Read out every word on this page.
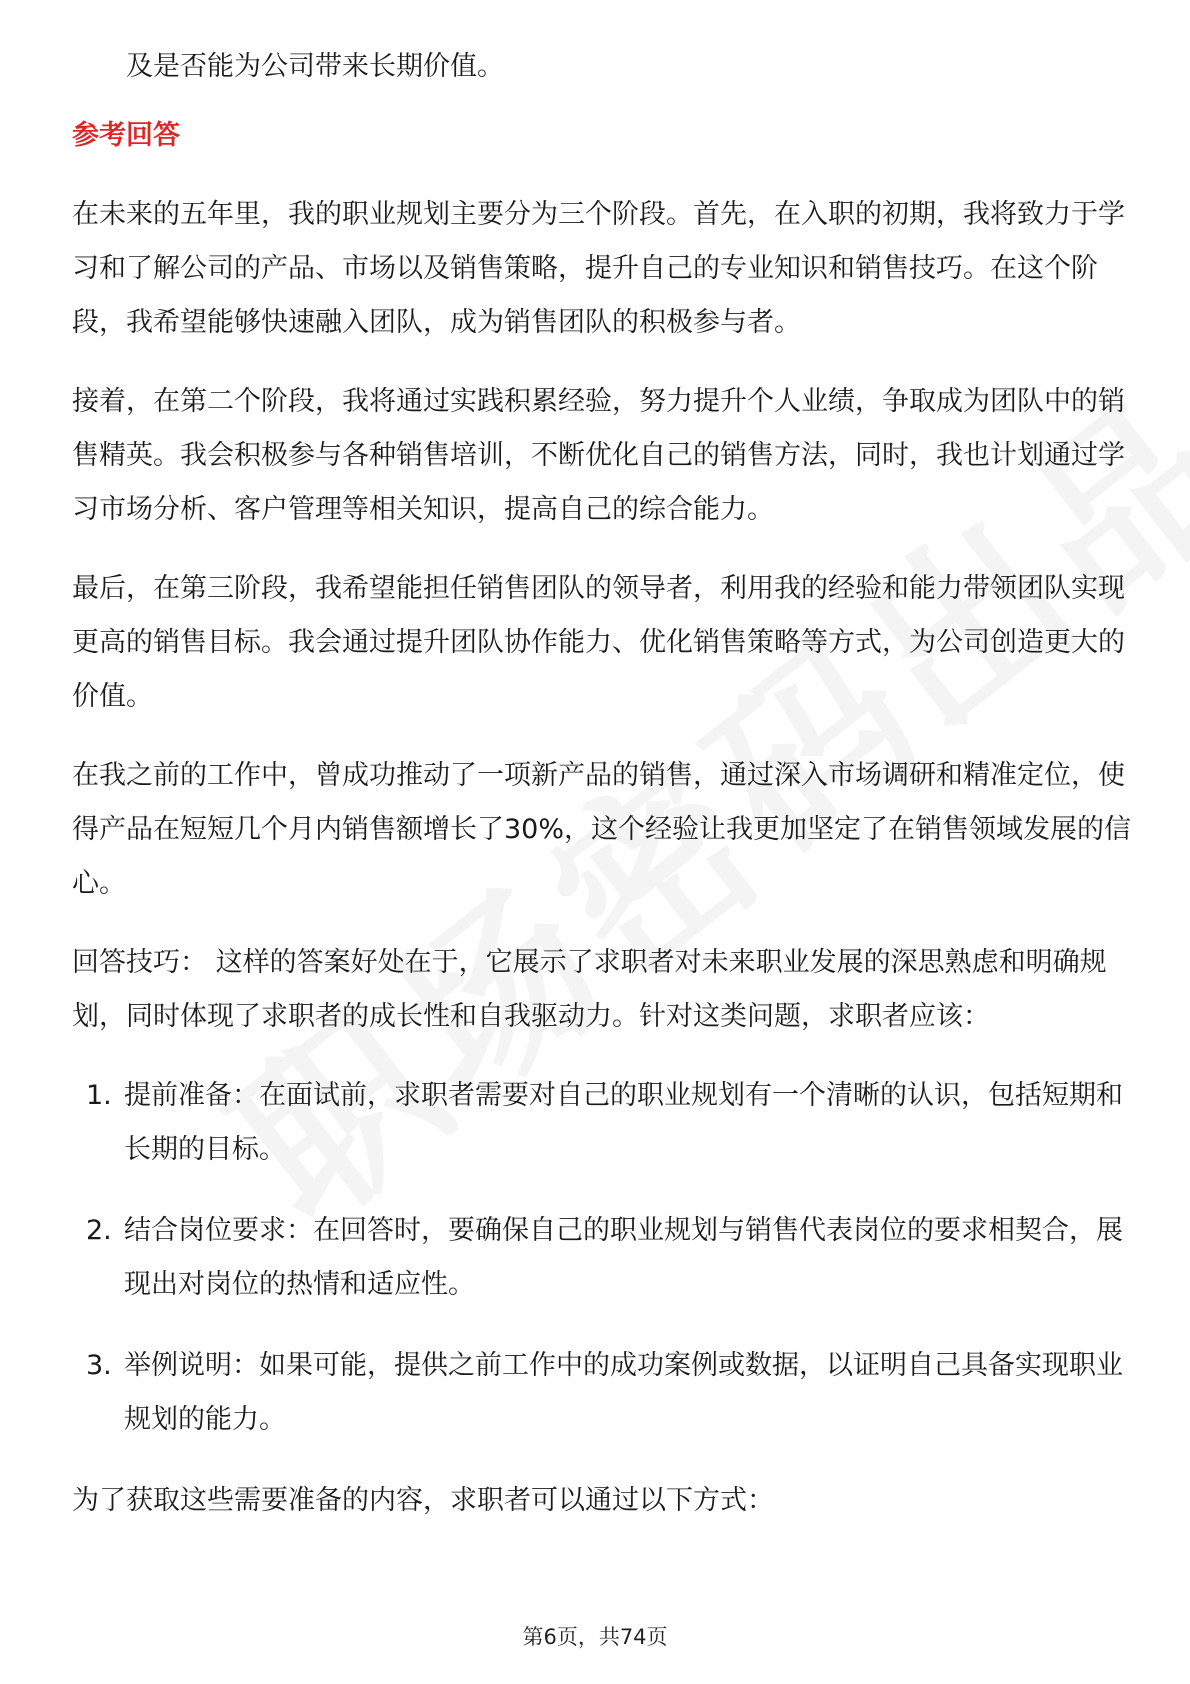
及是否能为公司带来长期价值。

参考回答

在未来的五年里，我的职业规划主要分为三个阶段。首先，在入职的初期，我将致力于学习和了解公司的产品、市场以及销售策略，提升自己的专业知识和销售技巧。在这个阶段，我希望能够快速融入团队，成为销售团队的积极参与者。

接着，在第二个阶段，我将通过实践积累经验，努力提升个人业绩，争取成为团队中的销售精英。我会积极参与各种销售培训，不断优化自己的销售方法，同时，我也计划通过学习市场分析、客户管理等相关知识，提高自己的综合能力。

最后，在第三阶段，我希望能担任销售团队的领导者，利用我的经验和能力带领团队实现更高的销售目标。我会通过提升团队协作能力、优化销售策略等方式，为公司创造更大的价值。

在我之前的工作中，曾成功推动了一项新产品的销售，通过深入市场调研和精准定位，使得产品在短短几个月内销售额增长了30%，这个经验让我更加坚定了在销售领域发展的信心。

回答技巧： 这样的答案好处在于，它展示了求职者对未来职业发展的深思熟虑和明确规划，同时体现了求职者的成长性和自我驱动力。针对这类问题，求职者应该：

1. 提前准备：在面试前，求职者需要对自己的职业规划有一个清晰的认识，包括短期和长期的目标。
2. 结合岗位要求：在回答时，要确保自己的职业规划与销售代表岗位的要求相契合，展现出对岗位的热情和适应性。
3. 举例说明：如果可能，提供之前工作中的成功案例或数据，以证明自己具备实现职业规划的能力。

为了获取这些需要准备的内容，求职者可以通过以下方式：

第6页，共74页
